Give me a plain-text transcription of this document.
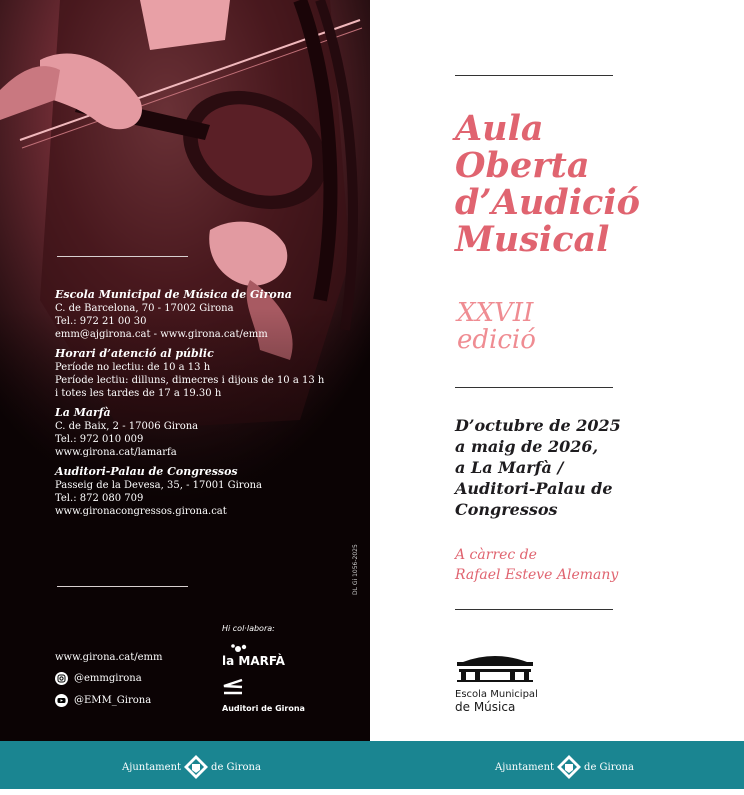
Escola Municipal de Música de Girona
C. de Barcelona, 70 - 17002 Girona
Tel.: 972 21 00 30
emm@ajgirona.cat - www.girona.cat/emm
Horari d’atenció al públic
Període no lectiu: de 10 a 13 h
Període lectiu: dilluns, dimecres i dijous de 10 a 13 h
i totes les tardes de 17 a 19.30 h
La Marfà
C. de Baix, 2 - 17006 Girona
Tel.: 972 010 009
www.girona.cat/lamarfa
Auditori-Palau de Congressos
Passeig de la Devesa, 35, - 17001 Girona
Tel.: 872 080 709
www.gironacongressos.girona.cat
DL Gi 1056-2025
www.girona.cat/emm
@emmgirona
@EMM_Girona
Hi col·labora:
la MARFÀ
Auditori de Girona
Aula
Oberta
d’Audició
Musical
XXVII
edició
D’octubre de 2025
a maig de 2026,
a La Marfà /
Auditori-Palau de
Congressos
A càrrec de
Rafael Esteve Alemany
Escola Municipal
de Música
Ajuntament	de Girona	Ajuntament	de Girona
